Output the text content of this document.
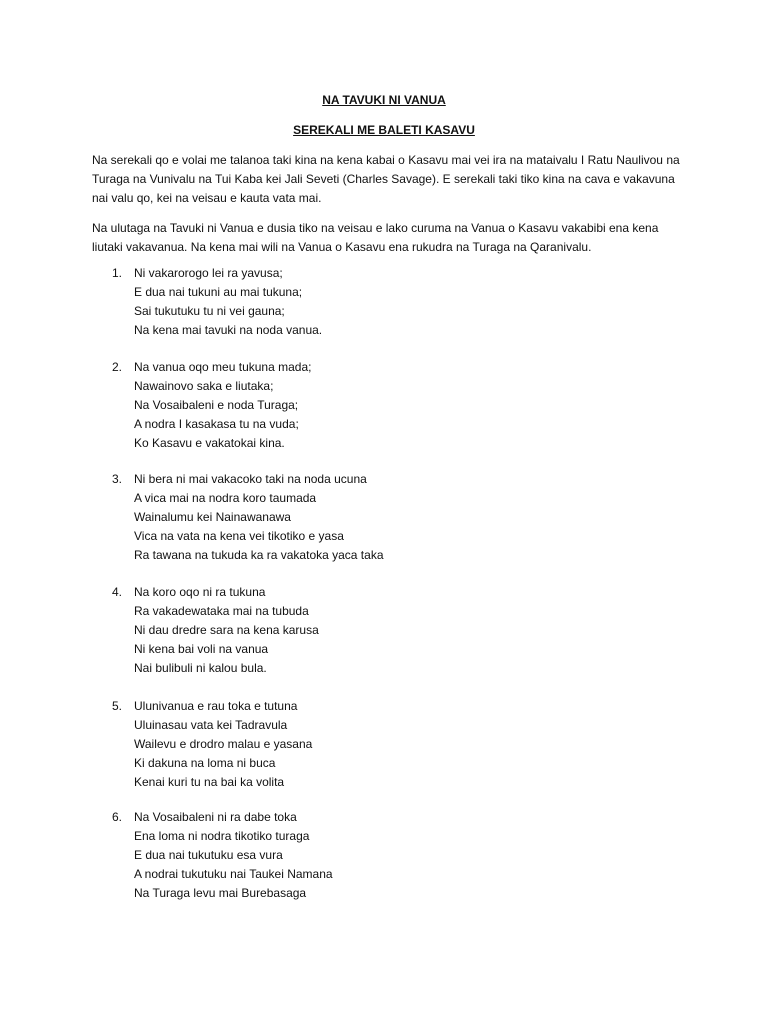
NA TAVUKI NI VANUA
SEREKALI ME BALETI KASAVU

Na serekali qo e volai me talanoa taki kina na kena kabai o Kasavu mai vei ira na mataivalu I Ratu Naulivou na Turaga na Vunivalu na Tui Kaba kei Jali Seveti (Charles Savage). E serekali taki tiko kina na cava e vakavuna nai valu qo, kei na veisau e kauta vata mai.

Na ulutaga na Tavuki ni Vanua e dusia tiko na veisau e lako curuma na Vanua o Kasavu vakabibi ena kena liutaki vakavanua. Na kena mai wili na Vanua o Kasavu ena rukudra na Turaga na Qaranivalu.

1. Ni vakarorogo lei ra yavusa;
E dua nai tukuni au mai tukuna;
Sai tukutuku tu ni vei gauna;
Na kena mai tavuki na noda vanua.
2. Na vanua oqo meu tukuna mada;
Nawainovo saka e liutaka;
Na Vosaibaleni e noda Turaga;
A nodra I kasakasa tu na vuda;
Ko Kasavu e vakatokai kina.
3. Ni bera ni mai vakacoko taki na noda ucuna
A vica mai na nodra koro taumada
Wainalumu kei Nainawanawa
Vica na vata na kena vei tikotiko e yasa
Ra tawana na tukuda ka ra vakatoka yaca taka
4. Na koro oqo ni ra tukuna
Ra vakadewataka mai na tubuda
Ni dau dredre sara na kena karusa
Ni kena bai voli na vanua
Nai bulibuli ni kalou bula.
5. Ulunivanua e rau toka e tutuna
Uluinasau vata kei Tadravula
Wailevu e drodro malau e yasana
Ki dakuna na loma ni buca
Kenai kuri tu na bai ka volita
6. Na Vosaibaleni ni ra dabe toka
Ena loma ni nodra tikotiko turaga
E dua nai tukutuku esa vura
A nodrai tukutuku nai Taukei Namana
Na Turaga levu mai Burebasaga
